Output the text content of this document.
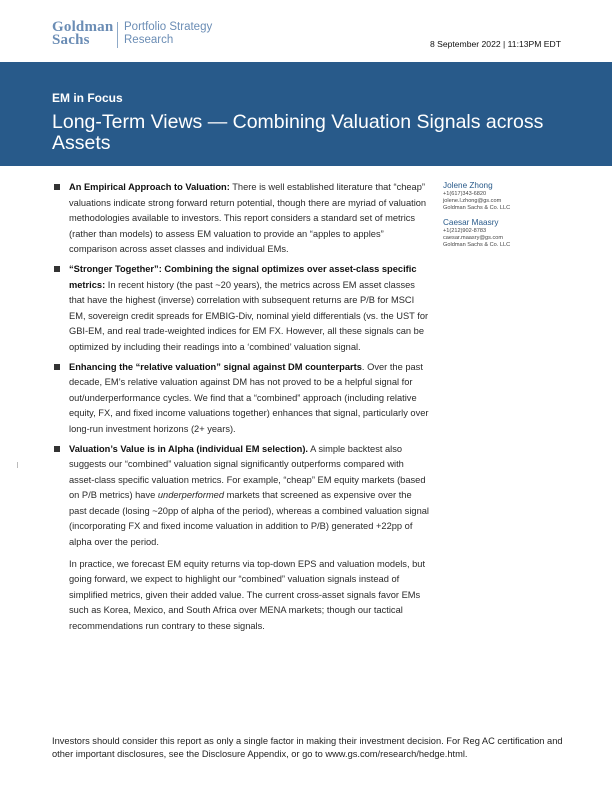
Goldman
Sachs
Portfolio Strategy
Research	8 September 2022 | 11:13PM EDT
EM in Focus
Long-Term Views — Combining Valuation Signals across Assets
An Empirical Approach to Valuation: There is well established literature that “cheap” valuations indicate strong forward return potential, though there are myriad of valuation methodologies available to investors. This report considers a standard set of metrics (rather than models) to assess EM valuation to provide an “apples to apples” comparison across asset classes and individual EMs.
“Stronger Together”: Combining the signal optimizes over asset-class specific metrics: In recent history (the past ~20 years), the metrics across EM asset classes that have the highest (inverse) correlation with subsequent returns are P/B for MSCI EM, sovereign credit spreads for EMBIG-Div, nominal yield differentials (vs. the UST for GBI-EM, and real trade-weighted indices for EM FX. However, all these signals can be optimized by including their readings into a ‘combined’ valuation signal.
Enhancing the “relative valuation” signal against DM counterparts. Over the past decade, EM’s relative valuation against DM has not proved to be a helpful signal for out/underperformance cycles. We find that a “combined” approach (including relative equity, FX, and fixed income valuations together) enhances that signal, particularly over long-run investment horizons (2+ years).
Valuation’s Value is in Alpha (individual EM selection). A simple backtest also suggests our “combined” valuation signal significantly outperforms compared with asset-class specific valuation metrics. For example, “cheap” EM equity markets (based on P/B metrics) have underperformed markets that screened as expensive over the past decade (losing ~20pp of alpha of the period), whereas a combined valuation signal (incorporating FX and fixed income valuation in addition to P/B) generated +22pp of alpha over the period.
In practice, we forecast EM equity returns via top-down EPS and valuation models, but going forward, we expect to highlight our “combined” valuation signals instead of simplified metrics, given their added value. The current cross-asset signals favor EMs such as Korea, Mexico, and South Africa over MENA markets; though our tactical recommendations run contrary to these signals.
Jolene Zhong
+1(617)343-6820
jolene.l.zhong@gs.com
Goldman Sachs & Co. LLC
Caesar Maasry
+1(212)902-8783
caesar.maasry@gs.com
Goldman Sachs & Co. LLC
Investors should consider this report as only a single factor in making their investment decision. For Reg AC certification and other important disclosures, see the Disclosure Appendix, or go to www.gs.com/research/hedge.html.
